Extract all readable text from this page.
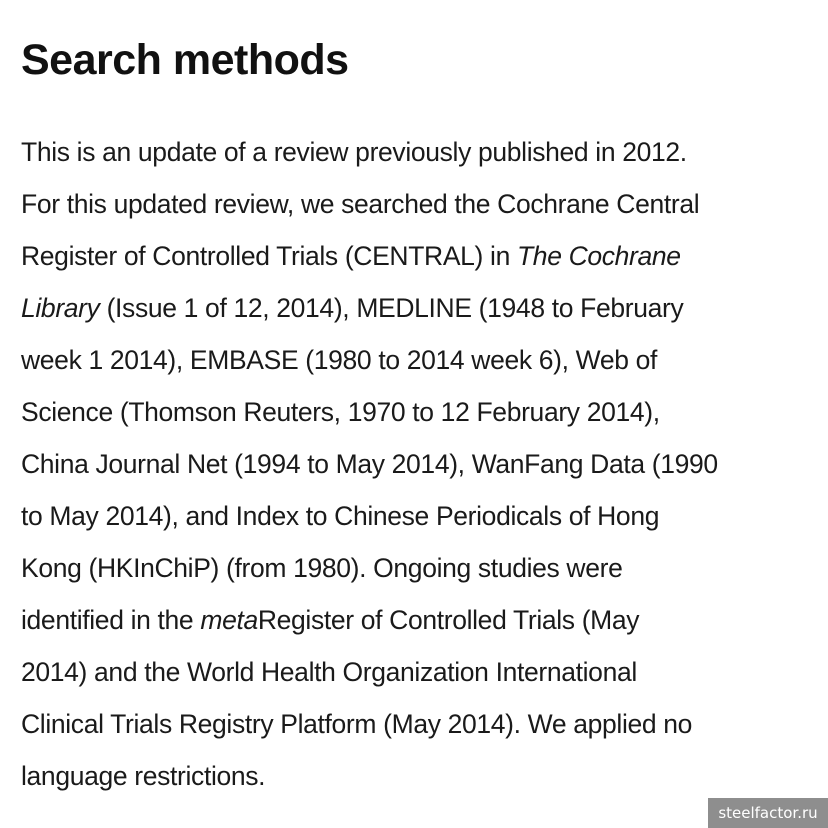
Search methods

This is an update of a review previously published in 2012.
For this updated review, we searched the Cochrane Central
Register of Controlled Trials (CENTRAL) in The Cochrane
Library (Issue 1 of 12, 2014), MEDLINE (1948 to February
week 1 2014), EMBASE (1980 to 2014 week 6), Web of
Science (Thomson Reuters, 1970 to 12 February 2014),
China Journal Net (1994 to May 2014), WanFang Data (1990
to May 2014), and Index to Chinese Periodicals of Hong
Kong (HKInChiP) (from 1980). Ongoing studies were
identified in the metaRegister of Controlled Trials (May
2014) and the World Health Organization International
Clinical Trials Registry Platform (May 2014). We applied no
language restrictions.

steelfactor.ru
